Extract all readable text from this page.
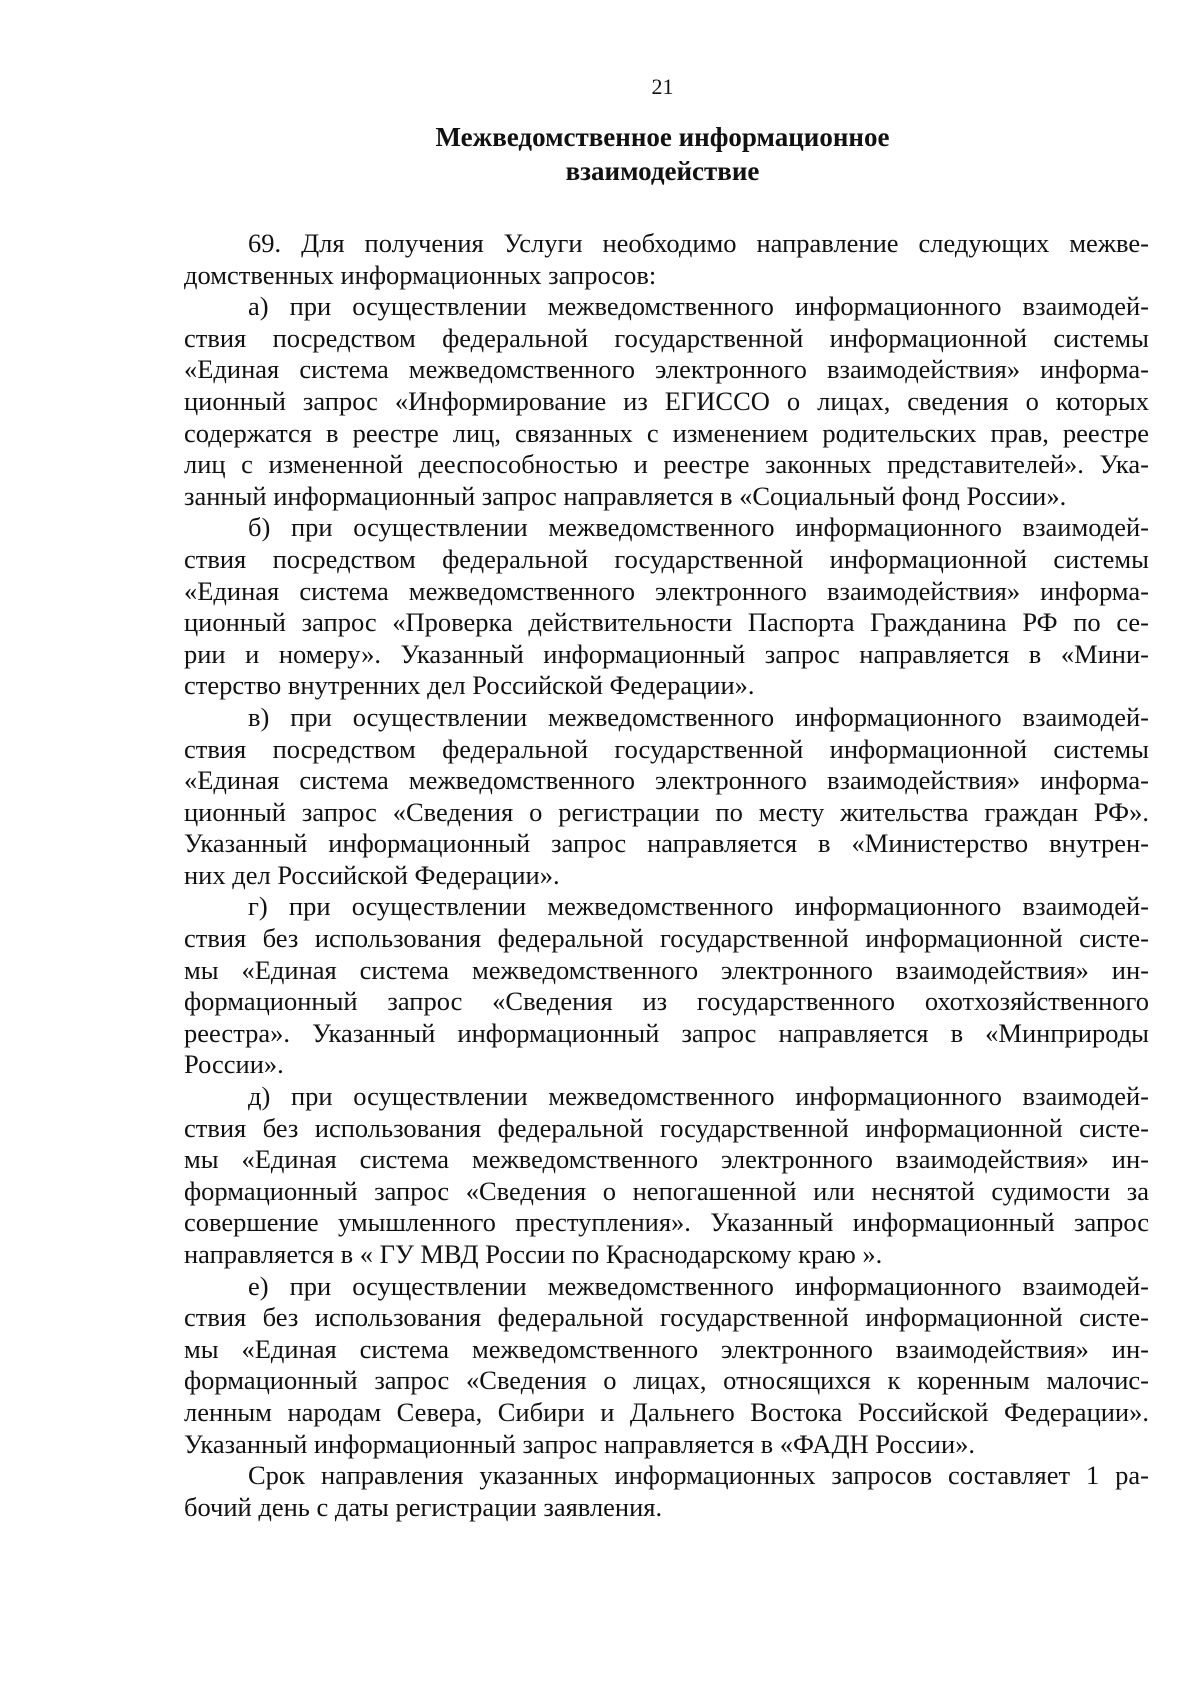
21
Межведомственное информационное
взаимодействие
69. Для получения Услуги необходимо направление следующих межве-
домственных информационных запросов:
а) при осуществлении межведомственного информационного взаимодей-
ствия посредством федеральной государственной информационной системы
«Единая система межведомственного электронного взаимодействия» информа-
ционный запрос «Информирование из ЕГИССО о лицах, сведения о которых
содержатся в реестре лиц, связанных с изменением родительских прав, реестре
лиц с измененной дееспособностью и реестре законных представителей». Ука-
занный информационный запрос направляется в «Социальный фонд России».
б) при осуществлении межведомственного информационного взаимодей-
ствия посредством федеральной государственной информационной системы
«Единая система межведомственного электронного взаимодействия» информа-
ционный запрос «Проверка действительности Паспорта Гражданина РФ по се-
рии и номеру». Указанный информационный запрос направляется в «Мини-
стерство внутренних дел Российской Федерации».
в) при осуществлении межведомственного информационного взаимодей-
ствия посредством федеральной государственной информационной системы
«Единая система межведомственного электронного взаимодействия» информа-
ционный запрос «Сведения о регистрации по месту жительства граждан РФ».
Указанный информационный запрос направляется в «Министерство внутрен-
них дел Российской Федерации».
г) при осуществлении межведомственного информационного взаимодей-
ствия без использования федеральной государственной информационной систе-
мы «Единая система межведомственного электронного взаимодействия» ин-
формационный запрос «Сведения из государственного охотхозяйственного
реестра». Указанный информационный запрос направляется в «Минприроды
России».
д) при осуществлении межведомственного информационного взаимодей-
ствия без использования федеральной государственной информационной систе-
мы «Единая система межведомственного электронного взаимодействия» ин-
формационный запрос «Сведения о непогашенной или неснятой судимости за
совершение умышленного преступления». Указанный информационный запрос
направляется в « ГУ МВД России по Краснодарскому краю ».
е) при осуществлении межведомственного информационного взаимодей-
ствия без использования федеральной государственной информационной систе-
мы «Единая система межведомственного электронного взаимодействия» ин-
формационный запрос «Сведения о лицах, относящихся к коренным малочис-
ленным народам Севера, Сибири и Дальнего Востока Российской Федерации».
Указанный информационный запрос направляется в «ФАДН России».
Срок направления указанных информационных запросов составляет 1 ра-
бочий день с даты регистрации заявления.
